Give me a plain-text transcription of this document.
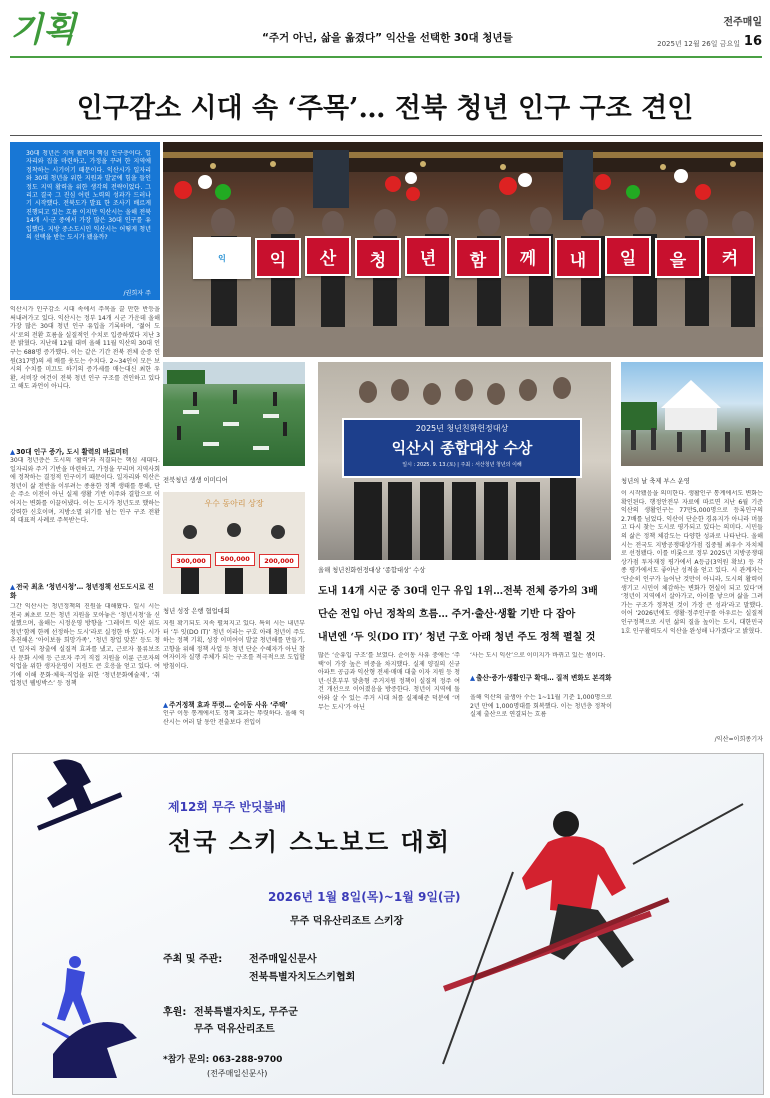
기획	“주거 아닌, 삶을 옮겼다” 익산을 선택한 30대 청년들
전주매일
2025년 12월 26일 금요일 16
인구감소 시대 속 ‘주목’… 전북 청년 인구 구조 견인
30대 청년은 지역 활력의 핵심 인구층이다. 일자리와 집을 마련하고, 가정을 꾸려 한 지역에 정착하는 시기이기 때문이다. 익산시가 일자리와 30대 청년을 위한 지원과 발굴에 힘을 들인 정도 지역 활력을 위한 생각의 전략이었다. 그리고 결국 그 진심 어린 노력의 성과가 드러나기 시작했다. 전북도가 발표 한 조사기 배르게 진행되고 있는 흐름 이지만 익산시는 올해 전북 14개 시·군 중에서 가장 많은 30대 인구를 유입했다. 지방 중소도시인 익산시는 어떻게 청년의 선택을 받는 도시가 됐을까?
/권희자 주
익	익	산	청	년	함	께	내	일	을	켜
익산시가 인구감소 시대 속에서 주목을 끌 만한 반등을 써내려가고 있다. 익산시는 정부 14개 시군 가운데 올해 가장 많은 30대 청년 인구 유입을 기록하며, ‘젊어 도시’로의 전환 흐름을 실질적인 수치로 입증하였다 지난 3분 밝혔다. 지난해 12월 대비 올해 11월 익산의 30대 인구는 688명 증가했다. 이는 같은 기간 전북 전체 순증 인원(317명)의 세 배를 웃도는 수치다. 2~34인이 모든 보시의 수치를 미끄도 하기의 증가세를 매는대신 최한 우환, 서비장 여건이 전북 청년 인구 구조를 견인하고 있다고 해도 과언이 아니다.
▲ 30대 인구 증가, 도시 활력의 바로미터
30대 청년층은 도시의 ‘활력’과 직결되는 핵심 세대다. 일자리와 주거 기반을 마련하고, 가정을 꾸리며 지역사회에 정착하는 결정적 인구이기 때문이다. 일자리와 익산은 청년이 삶 전반을 이루려는 종용한 정책 생태를 통해, 단순 주소 이전이 아닌 실제 생활 기반 이주와 결합으로 이어지는 변화를 이끌어냈다. 이는 도시가 청년도로 했하는 강력한 신호이며, 지방소멸 위기를 넘는 인구 구조 전환의 대표적 사례로 주목받는다.
▲ 전국 최초 ‘청년시청’… 청년정책 선도도시로 진화
그간 익산시는 청년정책의 진원을 대해왔다. 일시 시는 전국 최초로 모든 청년 지원을 모아놓은 ‘청년시청’을 신설했으며, 올해는 시정운영 방향을 ‘그레이트 익산 위도 청년’함께 한께 선정하는 도시’라로 실정한 바 있다. 시가 추진해온 ‘아이보듬 희망가족’, ‘청년 창업 맞본’ 등도 청년 일자리 창출에 실질적 효과를 냈고, 근로자 물류보조사 문화 시에 등 근로자 주거 직접 지원을 이룬 근로자의 익업을 위한 생자운영이 지원도 큰 호응을 얻고 있다. 여기에 이해 문화·체육·직업을 위한 ‘청년문화예술제’, ‘취업청년 웰빙박스’ 등 정책
전북청년 생생 이미디어
우수 동아리 상장
300,000	500,000	200,000
청년 성장 은행 협업대회
2025년 청년친화헌정대상
익산시 종합대상 수상
일시 : 2025. 9. 13.(토) | 주최 : 서산청년 청년의 이해
올해 청년친화헌정대상 ‘종합대상’ 수상
청년의 날 축제 부스 운영
이 시작됐음을 의미한다. 생활인구 통계에서도 변화는 확인된다. 행정안전부 자료에 따르면 지난 6월 기준 익산의 생활인구는 77만5,000명으로 등록인구의 2.7배를 넘었다. 익산이 단순한 경유지가 아니라 머물고 다시 찾는 도시로 평가되고 있다는 의미다. 시민들의 삶은 정책 체감도는 다양한 성과로 나타난다. 올해 시는 전국도 지방공쟁대상가점 집중될 최우수 자치체로 선정됐다. 이를 비롯으로 정부 2025년 지방공쟁대상가점 투자재정 평가에서 A등급(3억원 확보) 등 각종 평가에서도 좋아난 성적을 얻고 있다. 시 관계자는 ‘단순히 인구가 늘어난 것만이 아니라, 도시의 활력이 생기고 시민이 체감하는 변화가 현실이 되고 있다’며 ‘청년이 지역에서 살아가고, 아이를 낳으며 삶을 그려가는 구조가 정착된 것이 가장 큰 성과’라고 말했다. 이어 ‘2026년에도 생활·정주인구를 아우르는 실질적 인구정책으로 시민 삶의 질을 높이는 도시, 대한민국 1호 인구활력도시 익산을 완성해 나가겠다’고 밝혔다.
/익산=이희종기자
도내 14개 시군 중 30대 인구 유입 1위…전북 전체 증가의 3배
단순 전입 아닌 정착의 흐름… 주거·출산·생활 기반 다 잡아
내년엔 ‘두 잇(DO IT)’ 청년 구호 아래 청년 주도 정책 펼칠 것
지원 확기되도 지속 펼쳐지고 있다. 특히 시는 내년부터 ‘두 잇(DO IT)’ 청년 이라는 구호 아래 청년이 주도하는 정책 기획, 성장 이미어이 발굴 청년해를 만들기, 고향을 위해 정책 사업 등 청년 단순 수혜자가 아닌 참여자이자 실행 주체가 되는 구조를 적극적으로 도입할 방침이다.
▲ 주거정책 효과 뚜렷… 순이동 사유 ‘주택’
인구 이동 통계에서도 정책 효과는 뚜렷하다. 올해 익산시는 여러 달 동안 전출보다 전입이
많은 ‘순유입 구조’를 보였다. 순이동 사유 중에는 ‘주택’이 가장 높은 비중을 차지했다. 실제 양질의 신규 아파트 공급과 익산형 전세·매매 대출 이자 지원 등 청년·신혼부부 맞춤형 주거지원 정책이 실질적 정주 여건 개선으로 이어졌음을 방증한다. 청년이 지역에 돌아와 살 수 있는 주거 시대 처를 실제해준 덕분에 ‘머무는 도시’가 아닌
‘사는 도시 익산’으로 이미지가 바뀌고 있는 셈이다.
▲ 출산·증가·생활인구 확대… 질적 변화도 본격화
올해 익산의 출생아 수는 1~11월 기준 1,000명으로 2년 만에 1,000명대를 회복했다. 이는 청년층 정착이 실제 출산으로 연결되는 흐름
제12회 무주 반딧불배
전국 스키 스노보드 대회
2026년 1월 8일(목)~1월 9일(금)
무주 덕유산리조트 스키장
주최 및 주관:	전주매일신문사
전북특별자치도스키협회
후원: 전북특별자치도, 무주군
무주 덕유산리조트
*참가 문의: 063-288-9700
(전주매일신문사)
